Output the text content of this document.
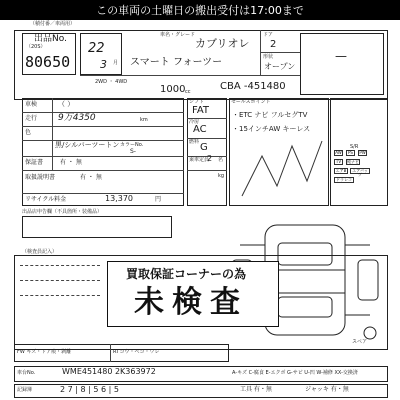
この車両の土曜日の搬出受付は17:00まで
（積付番／車両用）
出品No.
（20S）
80650
22
3 月
車名・グレード
カブリオレ
スマート フォーツー
ドア
2
形状
オープン
—
2WD ・ 4WD
1000 cc	CBA -451480
車検	（ ）
走行 9万4350	km
色
黒/シルバーツートン カラーNo.
S-
保証書	有 ・ 無
取扱説明書	有 ・ 無
リサイクル料金	13,370	円
シフト
FAT
冷房
AC
燃料 G
乗車定員
2 名
kg
セールスポイント
・ETC ナビ フルセグTV
・15インチAW キーレス
S/R
AW	PS	PW
TV	純ナビ
エアB	エアバッグ
ドラレコ
出品店申告欄（不具箇所・装備品）
（検査員記入）
買取保証コーナーの為
未検査
スペア
FW キズ・ドア痕・剥離	RI コウ・ベコ・ワレ
車台No.	WME451480 2K363972	A-キズ C-腐食 E-エクボ G-サビ U-凹 W-補修 XX-交換済
記録簿	2 7 | 8 | 5 6 | 5	工具 有・無	ジャッキ 有・無
